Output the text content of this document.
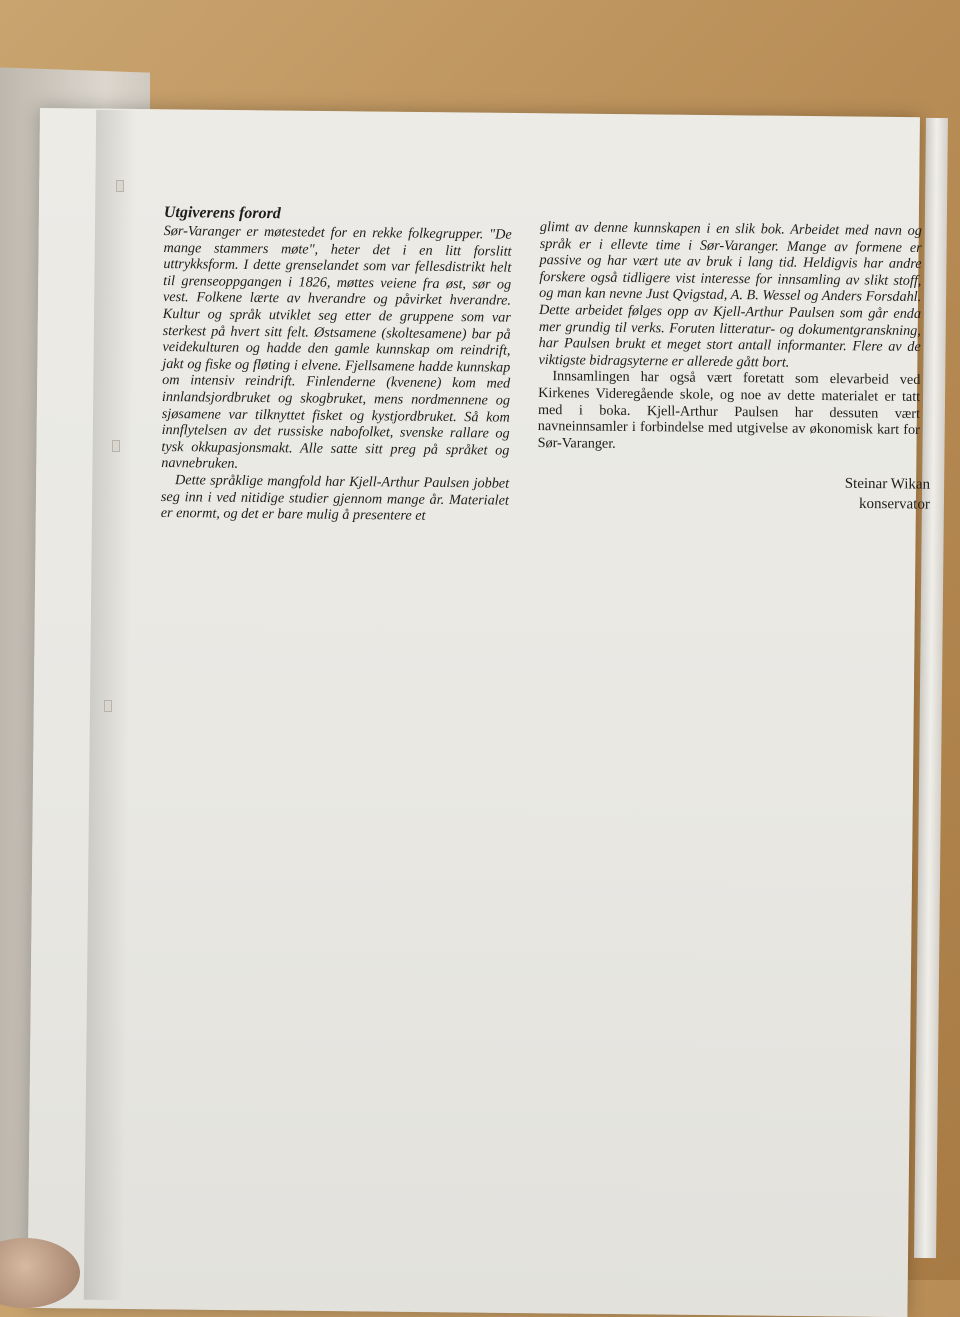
Utgiverens forord

Sør-Varanger er møtestedet for en rekke folkegrupper. "De mange stammers møte", heter det i en litt forslitt uttrykksform. I dette grenselandet som var fellesdistrikt helt til grenseoppgangen i 1826, møttes veiene fra øst, sør og vest. Folkene lærte av hverandre og påvirket hverandre. Kultur og språk utviklet seg etter de gruppene som var sterkest på hvert sitt felt. Østsamene (skoltesamene) bar på veidekulturen og hadde den gamle kunnskap om reindrift, jakt og fiske og fløting i elvene. Fjellsamene hadde kunnskap om intensiv reindrift. Finlenderne (kvenene) kom med innlandsjordbruket og skogbruket, mens nordmennene og sjøsamene var tilknyttet fisket og kystjordbruket. Så kom innflytelsen av det russiske nabofolket, svenske rallare og tysk okkupasjonsmakt. Alle satte sitt preg på språket og navnebruken.

Dette språklige mangfold har Kjell-Arthur Paulsen jobbet seg inn i ved nitidige studier gjennom mange år. Materialet er enormt, og det er bare mulig å presentere et

glimt av denne kunnskapen i en slik bok. Arbeidet med navn og språk er i ellevte time i Sør-Varanger. Mange av formene er passive og har vært ute av bruk i lang tid. Heldigvis har andre forskere også tidligere vist interesse for innsamling av slikt stoff, og man kan nevne Just Qvigstad, A. B. Wessel og Anders Forsdahl. Dette arbeidet følges opp av Kjell-Arthur Paulsen som går enda mer grundig til verks. Foruten litteratur- og dokumentgranskning, har Paulsen brukt et meget stort antall informanter. Flere av de viktigste bidragsyterne er allerede gått bort.

Innsamlingen har også vært foretatt som elevarbeid ved Kirkenes Videregående skole, og noe av dette materialet er tatt med i boka. Kjell-Arthur Paulsen har dessuten vært navneinnsamler i forbindelse med utgivelse av økonomisk kart for Sør-Varanger.

Steinar Wikan
konservator
